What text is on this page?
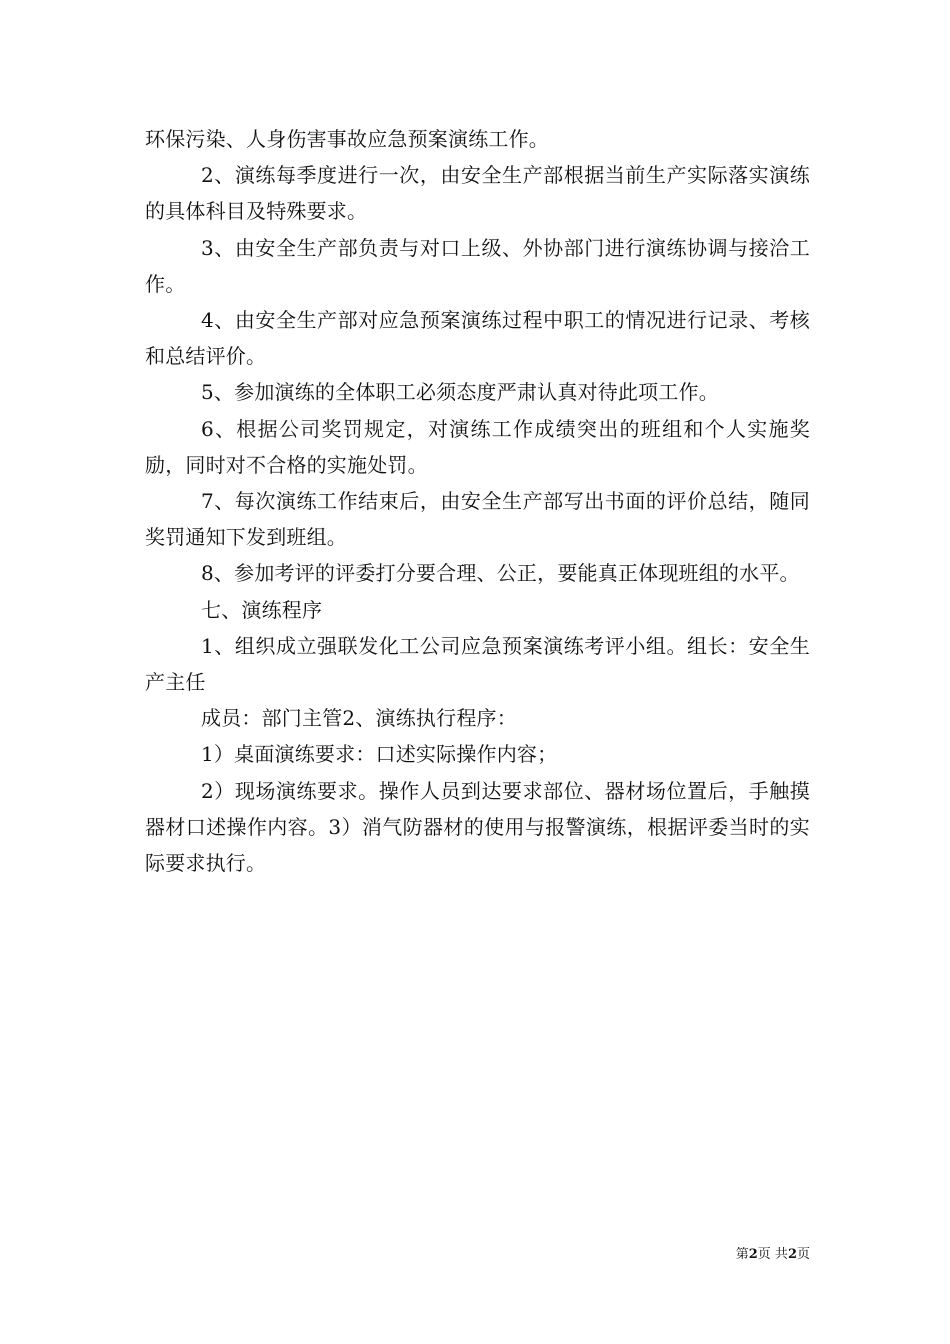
环保污染、人身伤害事故应急预案演练工作。

2、演练每季度进行一次，由安全生产部根据当前生产实际落实演练的具体科目及特殊要求。

3、由安全生产部负责与对口上级、外协部门进行演练协调与接洽工作。

4、由安全生产部对应急预案演练过程中职工的情况进行记录、考核和总结评价。

5、参加演练的全体职工必须态度严肃认真对待此项工作。

6、根据公司奖罚规定，对演练工作成绩突出的班组和个人实施奖励，同时对不合格的实施处罚。

7、每次演练工作结束后，由安全生产部写出书面的评价总结，随同奖罚通知下发到班组。

8、参加考评的评委打分要合理、公正，要能真正体现班组的水平。

七、演练程序

1、组织成立强联发化工公司应急预案演练考评小组。组长：安全生产主任

成员：部门主管2、演练执行程序：

1）桌面演练要求：口述实际操作内容；

2）现场演练要求。操作人员到达要求部位、器材场位置后，手触摸器材口述操作内容。3）消气防器材的使用与报警演练，根据评委当时的实际要求执行。

第2页 共2页
